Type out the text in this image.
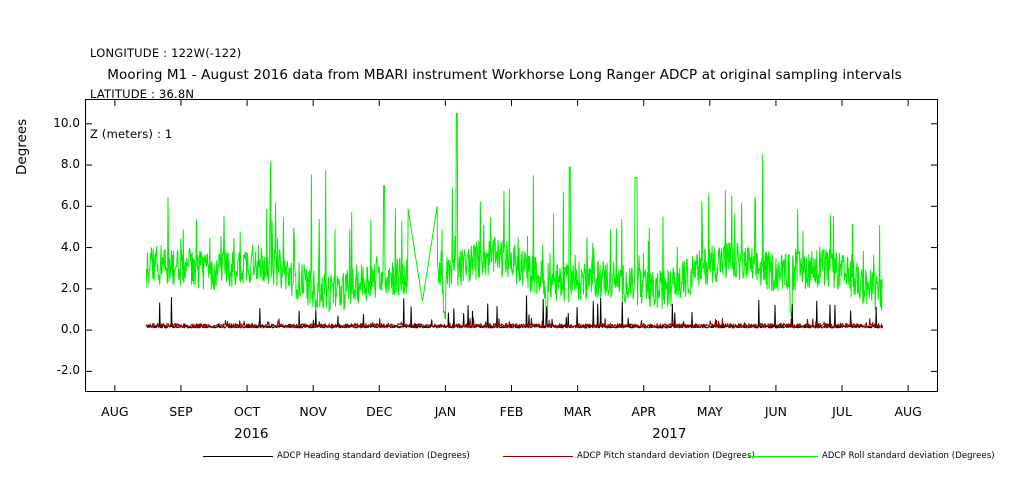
LONGITUDE : 122W(-122)

LATITUDE : 36.8N

Z (meters) : 1

Mooring M1 - August 2016 data from MBARI instrument Workhorse Long Ranger ADCP at original sampling intervals
Degrees
-2.0
0.0
2.0
4.0
6.0
8.0
10.0
AUG	SEP	OCT	NOV	DEC	JAN	FEB	MAR	APR	MAY	JUN	JUL	AUG
2016	2017
ADCP Heading standard deviation (Degrees)	ADCP Pitch standard deviation (Degrees)	ADCP Roll standard deviation (Degrees)
